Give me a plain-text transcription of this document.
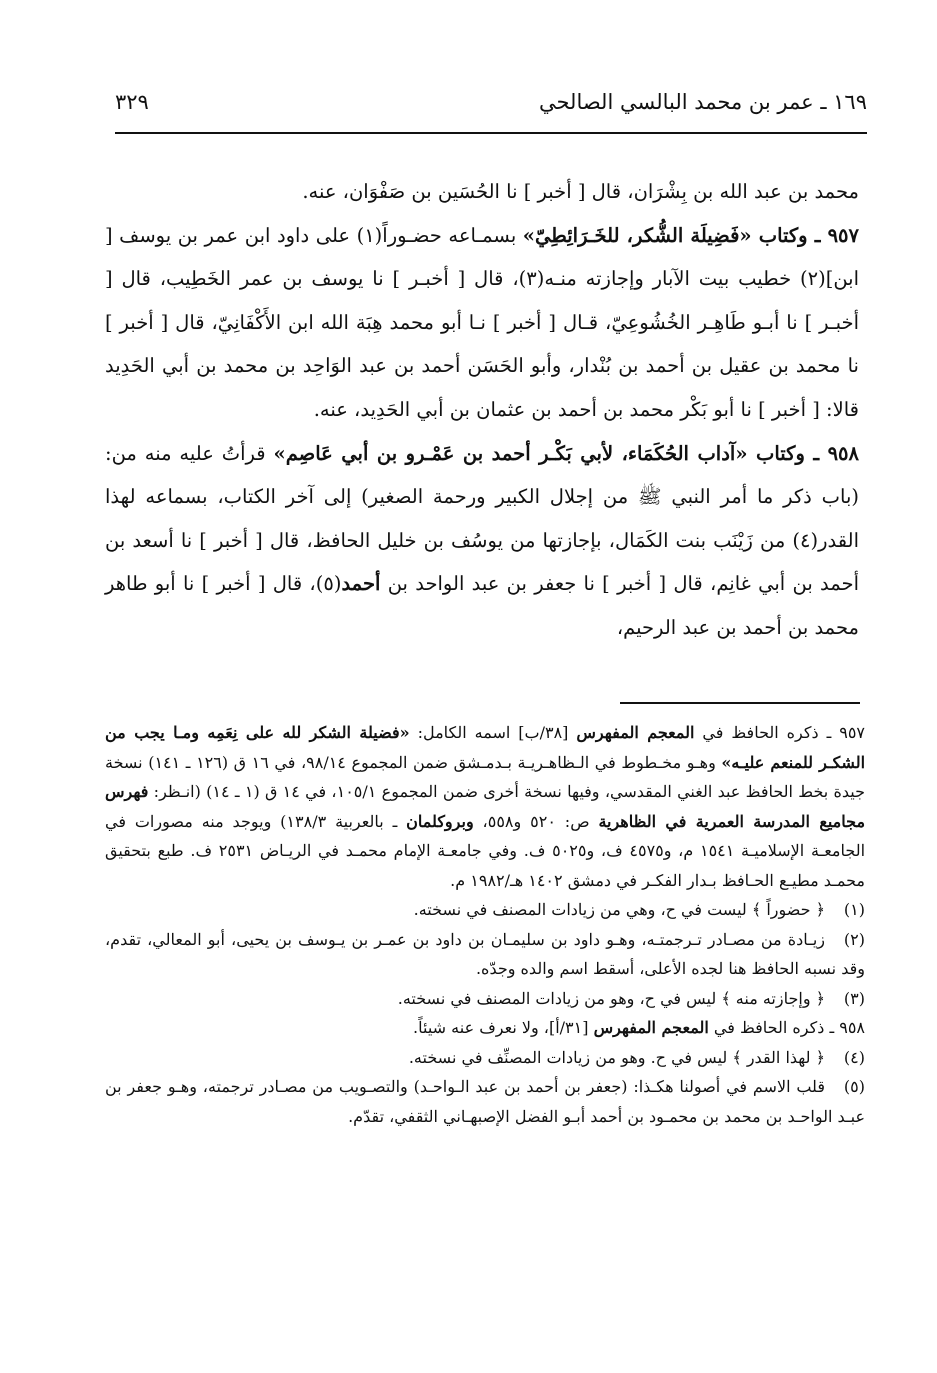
١٦٩ ـ عمر بن محمد البالسي الصالحي
٣٢٩

محمد بن عبد الله بن بِشْرَان، قال [ أخبر ] نا الحُسَين بن صَفْوَان، عنه.

٩٥٧ ـ وكتاب «فَضِيلَة الشُّكر، للخَـرَائِطِيّ» بسمـاعه حضـوراً(١) على داود ابن عمر بن يوسف [ ابن](٢) خطيب بيت الآبار وإجازته منـه(٣)، قال [ أخبـر ] نا يوسف بن عمر الخَطِيب، قال [ أخبـر ] نا أبـو طَاهِـر الخُشُوعِيّ، قـال [ أخبر ] نـا أبو محمد هِبَة الله ابن الأَكْفَانِيّ، قال [ أخبر ] نا محمد بن عقيل بن أحمد بن بُنْدار، وأبو الحَسَن أحمد بن عبد الوَاحِد بن محمد بن أبي الحَدِيد قالا: [ أخبر ] نا أبو بَكْر محمد بن أحمد بن عثمان بن أبي الحَدِيد، عنه.

٩٥٨ ـ وكتاب «آداب الحُكَمَاء، لأبي بَكْـر أحمد بن عَمْـرو بن أبي عَاصِم» قرأتُ عليه منه من: (باب ذكر ما أمر النبي ﷺ من إجلال الكبير ورحمة الصغير) إلى آخر الكتاب، بسماعه لهذا القدر(٤) من زَيْنَب بنت الكَمَال، بإجازتها من يوسُف بن خليل الحافظ، قال [ أخبر ] نا أسعد بن أحمد بن أبي غانِم، قال [ أخبر ] نا جعفر بن عبد الواحد بن أحمد(٥)، قال [ أخبر ] نا أبو طاهر محمد بن أحمد بن عبد الرحيم،

٩٥٧ ـ ذكره الحافظ في المعجم المفهرس [٣٨/ب] اسمه الكامل: «فضيلة الشكر لله على نِعَمِه ومـا يجب من الشكـر للمنعم عليـه» وهـو مخـطوط في الـظاهـريـة بـدمـشق ضمن المجموع ٩٨/١٤، في ١٦ ق (١٢٦ ـ ١٤١) نسخة جيدة بخط الحافظ عبد الغني المقدسي، وفيها نسخة أخرى ضمن المجموع ١٠٥/١، في ١٤ ق (١ ـ ١٤) (انـظر: فهرس مجاميع المدرسة العمرية في الظاهرية ص: ٥٢٠ و٥٥٨، وبروكلمان ـ بالعربية ١٣٨/٣) ويوجد منه مصورات في الجامعـة الإسلاميـة ١٥٤١ م، و٤٥٧٥ ف، و٥٠٢٥ ف. وفي جامعـة الإمام محمـد في الريـاض ٢٥٣١ ف. طبع بتحقيق محمـد مطيـع الحـافظ بـدار الفكـر في دمشق ١٤٠٢ هـ/١٩٨٢ م.

(١)﴿ حضوراً ﴾ ليست في ح، وهي من زيادات المصنف في نسخته.

(٢)زيـادة من مصـادر تـرجمتـه، وهـو داود بن سليمـان بن داود بن عمـر بن يـوسف بن يحيى، أبو المعالي، تقدم، وقد نسبه الحافظ هنا لجده الأعلى، أسقط اسم والده وجدّه.

(٣)﴿ وإجازته منه ﴾ ليس في ح، وهو من زيادات المصنف في نسخته.

٩٥٨ ـ ذكره الحافظ في المعجم المفهرس [٣١/أ]، ولا نعرف عنه شيئاً.

(٤)﴿ لهذا القدر ﴾ ليس في ح. وهو من زيادات المصنِّف في نسخته.

(٥)قلب الاسم في أصولنا هكـذا: (جعفر بن أحمد بن عبد الـواحـد) والتصـويب من مصـادر ترجمته، وهـو جعفر بن عبـد الواحـد بن محمد بن محمـود بن أحمد أبـو الفضل الإصبهـاني الثقفي، تقدّم.
